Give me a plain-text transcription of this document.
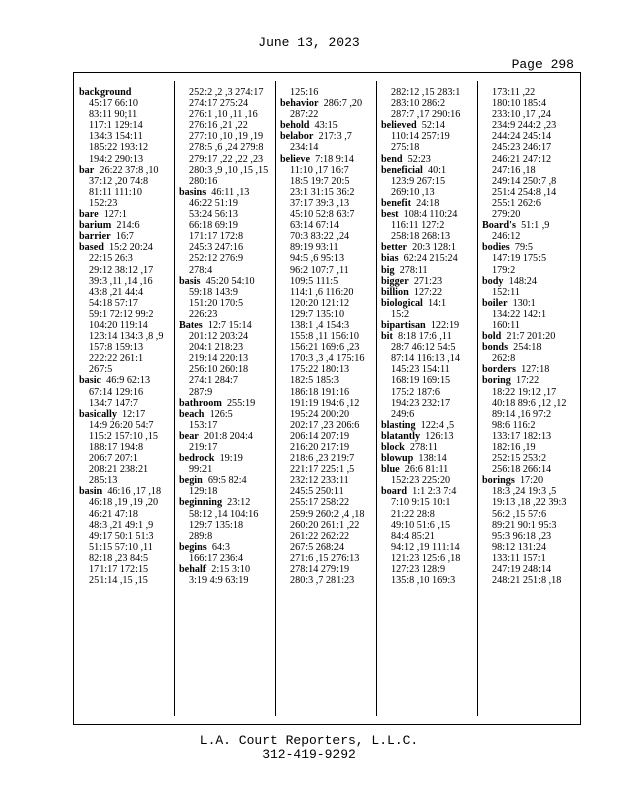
June 13, 2023
Page 298
background
45:17 66:10
83:11 90;11
117:1 129:14
134:3 154:11
185:22 193:12
194:2 290:13
bar 26:22 37:8 ,10
37:12 ,20 74:8
81:11 111:10
152:23
bare 127:1
barium 214:6
barrier 16:7
based 15:2 20:24
22:15 26:3
29:12 38:12 ,17
39:3 ,11 ,14 ,16
43:8 ,21 44:4
54:18 57:17
59:1 72:12 99:2
104:20 119:14
123:14 134:3 ,8 ,9
157:8 159:13
222:22 261:1
267:5
basic 46:9 62:13
67:14 129:16
134:7 147:7
basically 12:17
14:9 26:20 54:7
115:2 157:10 ,15
188:17 194:8
206:7 207:1
208:21 238:21
285:13
basin 46:16 ,17 ,18
46:18 ,19 ,19 ,20
46:21 47:18
48:3 ,21 49:1 ,9
49:17 50:1 51:3
51:15 57:10 ,11
82:18 ,23 84:5
171:17 172:15
251:14 ,15 ,15
252:2 ,2 ,3 274:17
274:17 275:24
276:1 ,10 ,11 ,16
276:16 ,21 ,22
277:10 ,10 ,19 ,19
278:5 ,6 ,24 279:8
279:17 ,22 ,22 ,23
280:3 ,9 ,10 ,15 ,15
280:16
basins 46:11 ,13
46:22 51:19
53:24 56:13
66:18 69:19
171:17 172:8
245:3 247:16
252:12 276:9
278:4
basis 45:20 54:10
59:18 143:9
151:20 170:5
226:23
Bates 12:7 15:14
201:12 203:24
204:1 218:23
219:14 220:13
256:10 260:18
274:1 284:7
287:9
bathroom 255:19
beach 126:5
153:17
bear 201:8 204:4
219:17
bedrock 19:19
99:21
begin 69:5 82:4
129:18
beginning 23:12
58:12 ,14 104:16
129:7 135:18
289:8
begins 64:3
166:17 236:4
behalf 2:15 3:10
3:19 4:9 63:19
125:16
behavior 286:7 ,20
287:22
behold 43:15
belabor 217:3 ,7
234:14
believe 7:18 9:14
11:10 ,17 16:7
18:5 19:7 20:5
23:1 31:15 36:2
37:17 39:3 ,13
45:10 52:8 63:7
63:14 67:14
70:3 83:22 ,24
89:19 93:11
94:5 ,6 95:13
96:2 107:7 ,11
109:5 111:5
114:1 ,6 116:20
120:20 121:12
129:7 135:10
138:1 ,4 154:3
155:8 ,11 156:10
156:21 169:6 ,23
170:3 ,3 ,4 175:16
175:22 180:13
182:5 185:3
186:18 191:16
191:19 194:6 ,12
195:24 200:20
202:17 ,23 206:6
206:14 207:19
216:20 217:19
218:6 ,23 219:7
221:17 225:1 ,5
232:12 233:11
245:5 250:11
255:17 258:22
259:9 260:2 ,4 ,18
260:20 261:1 ,22
261:22 262:22
267:5 268:24
271:6 ,15 276:13
278:14 279:19
280:3 ,7 281:23
282:12 ,15 283:1
283:10 286:2
287:7 ,17 290:16
believed 52:14
110:14 257:19
275:18
bend 52:23
beneficial 40:1
123:9 267:15
269:10 ,13
benefit 24:18
best 108:4 110:24
116:11 127:2
258:18 268:13
better 20:3 128:1
bias 62:24 215:24
big 278:11
bigger 271:23
billion 127:22
biological 14:1
15:2
bipartisan 122:19
bit 8:18 17:6 ,11
28:7 46:12 54:5
87:14 116:13 ,14
145:23 154:11
168:19 169:15
175:2 187:6
194:23 232:17
249:6
blasting 122:4 ,5
blatantly 126:13
block 278:11
blowup 138:14
blue 26:6 81:11
152:23 225:20
board 1:1 2:3 7:4
7:10 9:15 10:1
21:22 28:8
49:10 51:6 ,15
84:4 85:21
94:12 ,19 111:14
121:23 125:6 ,18
127:23 128:9
135:8 ,10 169:3
173:11 ,22
180:10 185:4
233:10 ,17 ,24
234:9 244:2 ,23
244:24 245:14
245:23 246:17
246:21 247:12
247:16 ,18
249:14 250:7 ,8
251:4 254:8 ,14
255:1 262:6
279:20
Board's 51:1 ,9
246:12
bodies 79:5
147:19 175:5
179:2
body 148:24
152:11
boiler 130:1
134:22 142:1
160:11
bold 21:7 201:20
bonds 254:18
262:8
borders 127:18
boring 17:22
18:22 19:12 ,17
40:18 89:6 ,12 ,12
89:14 ,16 97:2
98:6 116:2
133:17 182:13
182:16 ,19
252:15 253:2
256:18 266:14
borings 17:20
18:3 ,24 19:3 ,5
19:13 ,18 ,22 39:3
56:2 ,15 57:6
89:21 90:1 95:3
95:3 96:18 ,23
98:12 131:24
133:11 157:1
247:19 248:14
248:21 251:8 ,18
L.A. Court Reporters, L.L.C.
312-419-9292
